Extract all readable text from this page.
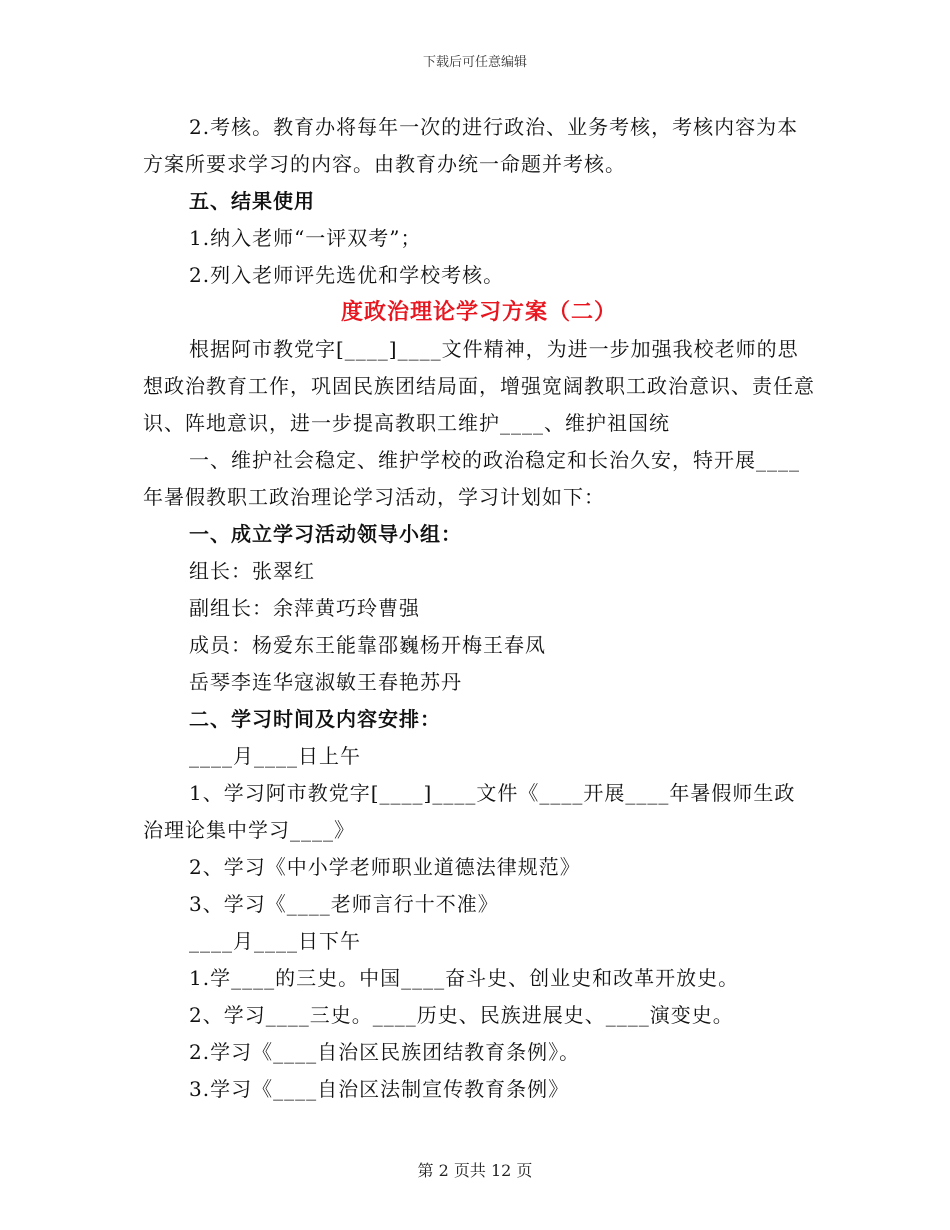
下载后可任意编辑

2.考核。教育办将每年一次的进行政治、业务考核，考核内容为本方案所要求学习的内容。由教育办统一命题并考核。

五、结果使用

1.纳入老师“一评双考”；

2.列入老师评先选优和学校考核。

度政治理论学习方案（二）

根据阿市教党字[____]____文件精神，为进一步加强我校老师的思想政治教育工作，巩固民族团结局面，增强宽阔教职工政治意识、责任意识、阵地意识，进一步提高教职工维护____、维护祖国统

一、维护社会稳定、维护学校的政治稳定和长治久安，特开展____年暑假教职工政治理论学习活动，学习计划如下：

一、成立学习活动领导小组：

组长：张翠红

副组长：余萍黄巧玲曹强

成员：杨爱东王能靠邵巍杨开梅王春凤

岳琴李连华寇淑敏王春艳苏丹

二、学习时间及内容安排：

____月____日上午

1、学习阿市教党字[____]____文件《____开展____年暑假师生政治理论集中学习____》

2、学习《中小学老师职业道德法律规范》

3、学习《____老师言行十不准》

____月____日下午

1.学____的三史。中国____奋斗史、创业史和改革开放史。

2、学习____三史。____历史、民族进展史、____演变史。

2.学习《____自治区民族团结教育条例》。

3.学习《____自治区法制宣传教育条例》

第 2 页共 12 页
